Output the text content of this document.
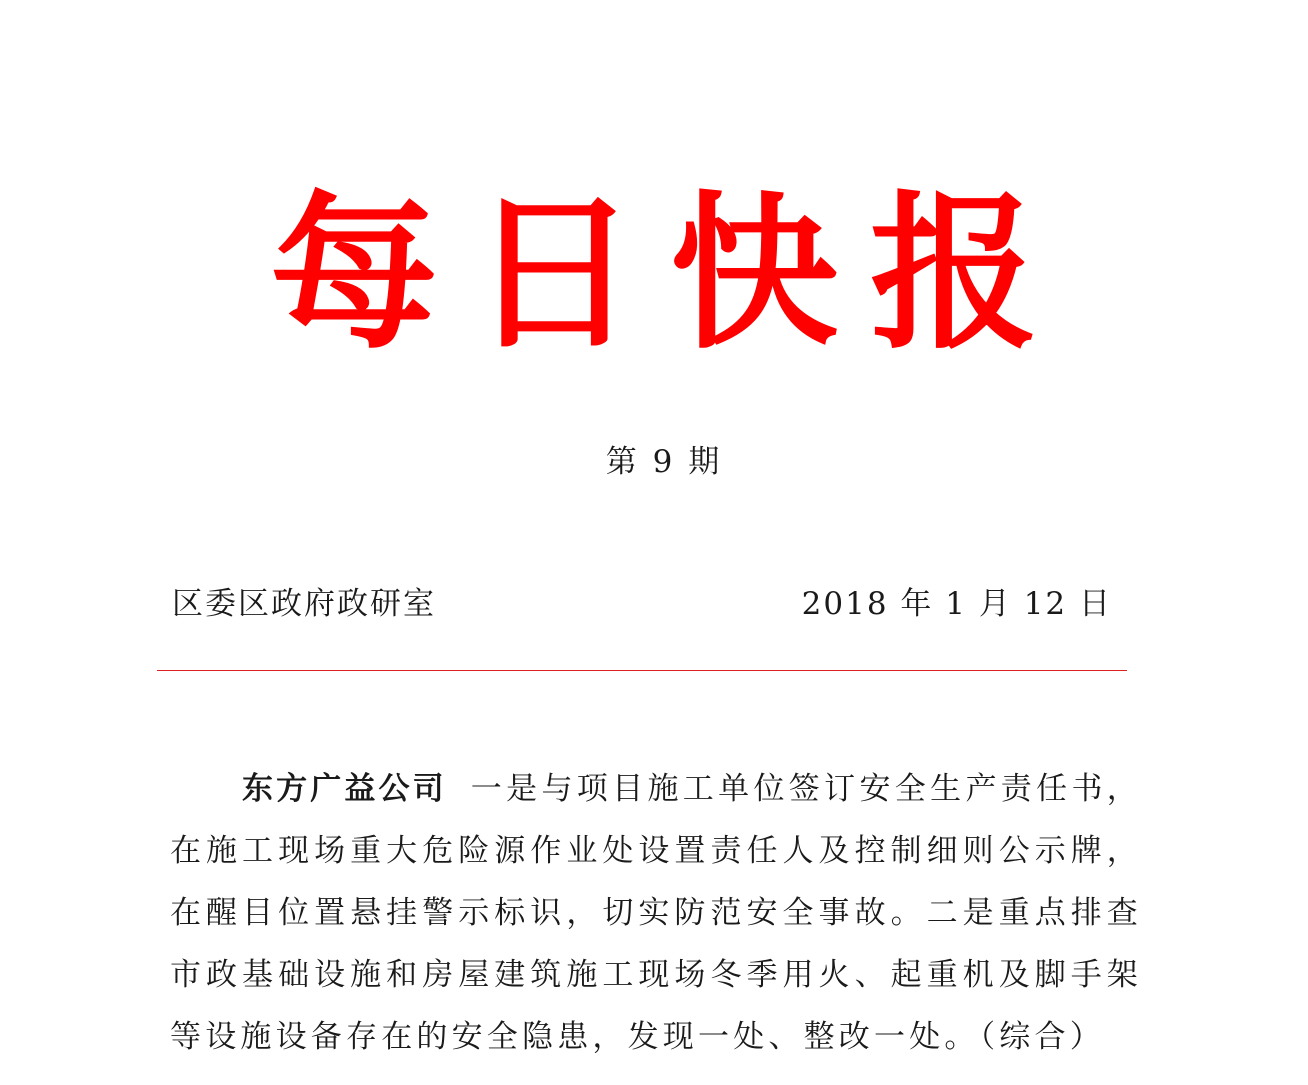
每 日 快 报
第 9 期
区委区政府政研室	2018 年 1 月 12 日

东方广益公司 一是与项目施工单位签订安全生产责任书，在施工现场重大危险源作业处设置责任人及控制细则公示牌，在醒目位置悬挂警示标识，切实防范安全事故。二是重点排查市政基础设施和房屋建筑施工现场冬季用火、起重机及脚手架等设施设备存在的安全隐患，发现一处、整改一处。（综合）
